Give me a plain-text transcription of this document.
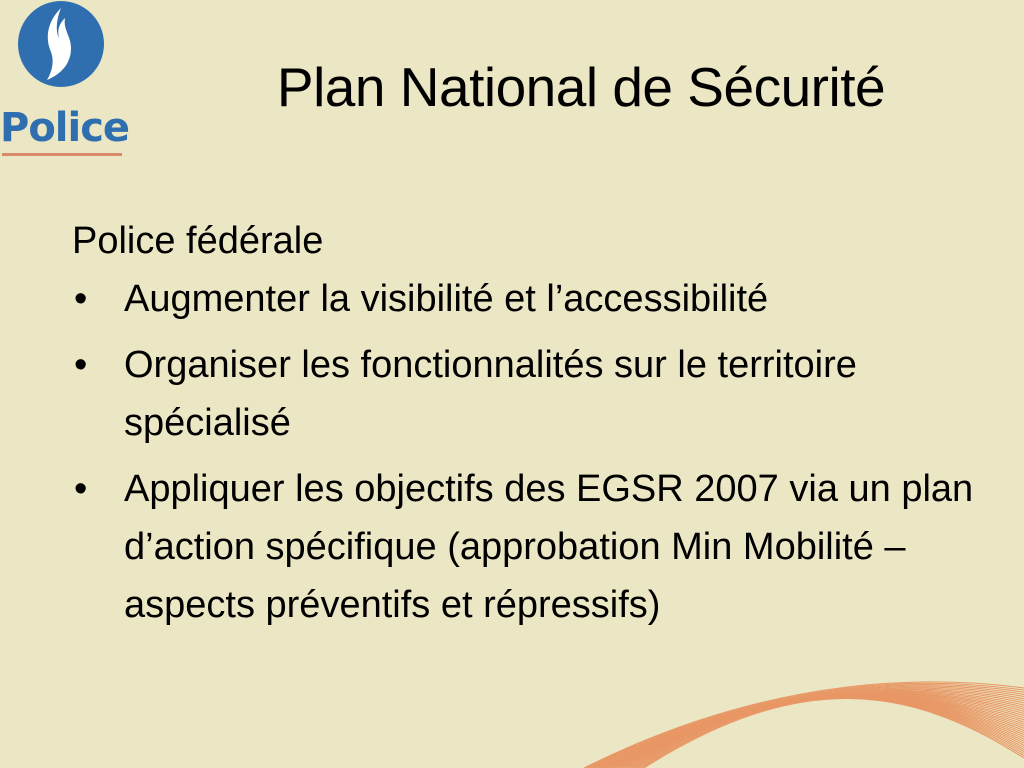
Police
Plan National de Sécurité
Police fédérale
• Augmenter la visibilité et l’accessibilité
• Organiser les fonctionnalités sur le territoire spécialisé
• Appliquer les objectifs des EGSR 2007 via un plan d’action spécifique (approbation Min Mobilité – aspects préventifs et répressifs)
